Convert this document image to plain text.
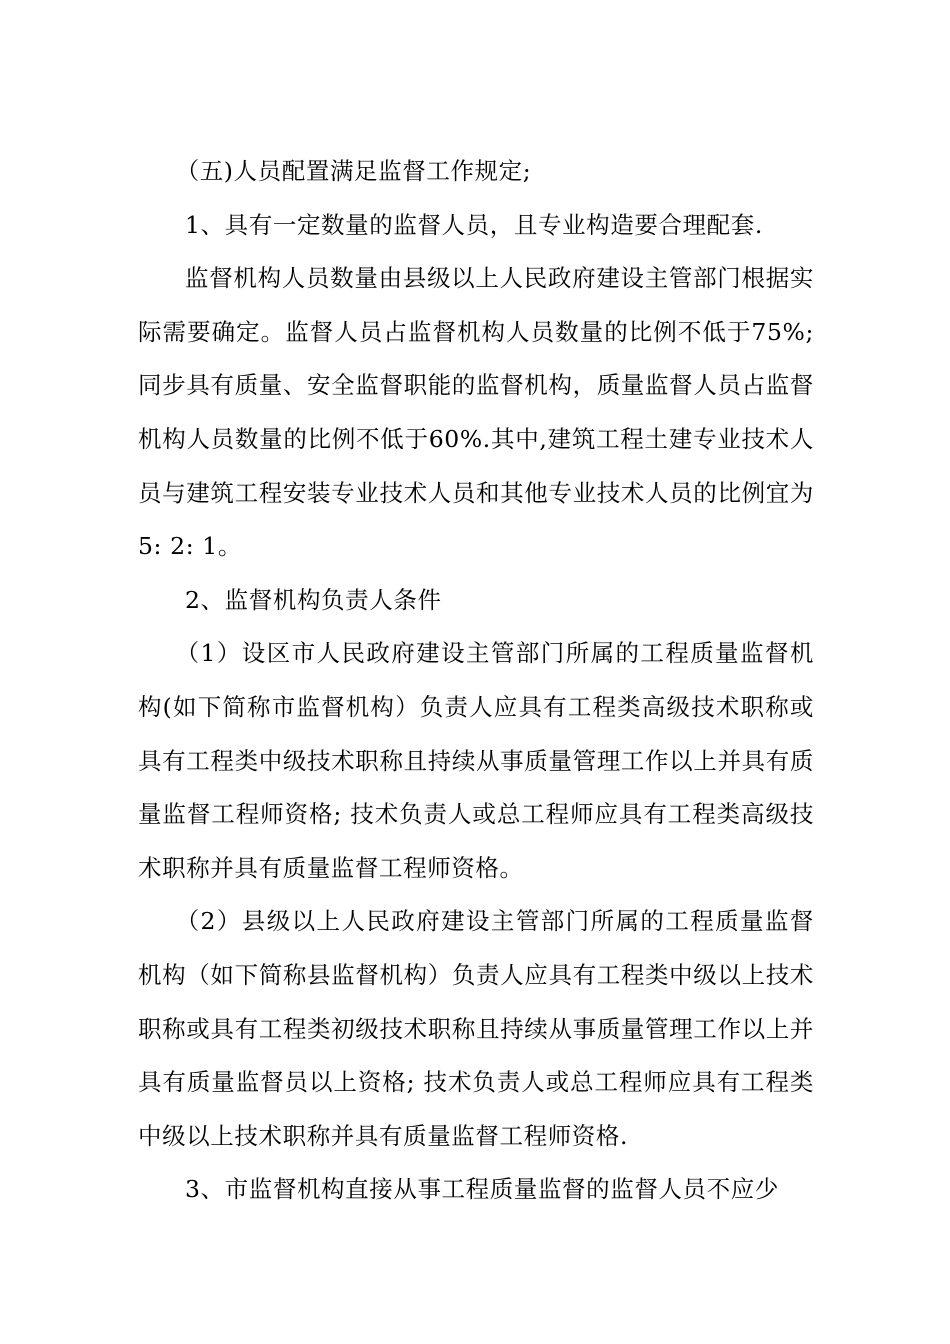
（五)人员配置满足监督工作规定;

1、具有一定数量的监督人员，且专业构造要合理配套.

监督机构人员数量由县级以上人民政府建设主管部门根据实际需要确定。监督人员占监督机构人员数量的比例不低于75%; 同步具有质量、安全监督职能的监督机构，质量监督人员占监督机构人员数量的比例不低于60%.其中,建筑工程土建专业技术人员与建筑工程安装专业技术人员和其他专业技术人员的比例宜为5: 2: 1。

2、监督机构负责人条件

（1）设区市人民政府建设主管部门所属的工程质量监督机构(如下简称市监督机构）负责人应具有工程类高级技术职称或具有工程类中级技术职称且持续从事质量管理工作以上并具有质量监督工程师资格; 技术负责人或总工程师应具有工程类高级技术职称并具有质量监督工程师资格。

（2）县级以上人民政府建设主管部门所属的工程质量监督机构（如下简称县监督机构）负责人应具有工程类中级以上技术职称或具有工程类初级技术职称且持续从事质量管理工作以上并具有质量监督员以上资格; 技术负责人或总工程师应具有工程类中级以上技术职称并具有质量监督工程师资格.

3、市监督机构直接从事工程质量监督的监督人员不应少
